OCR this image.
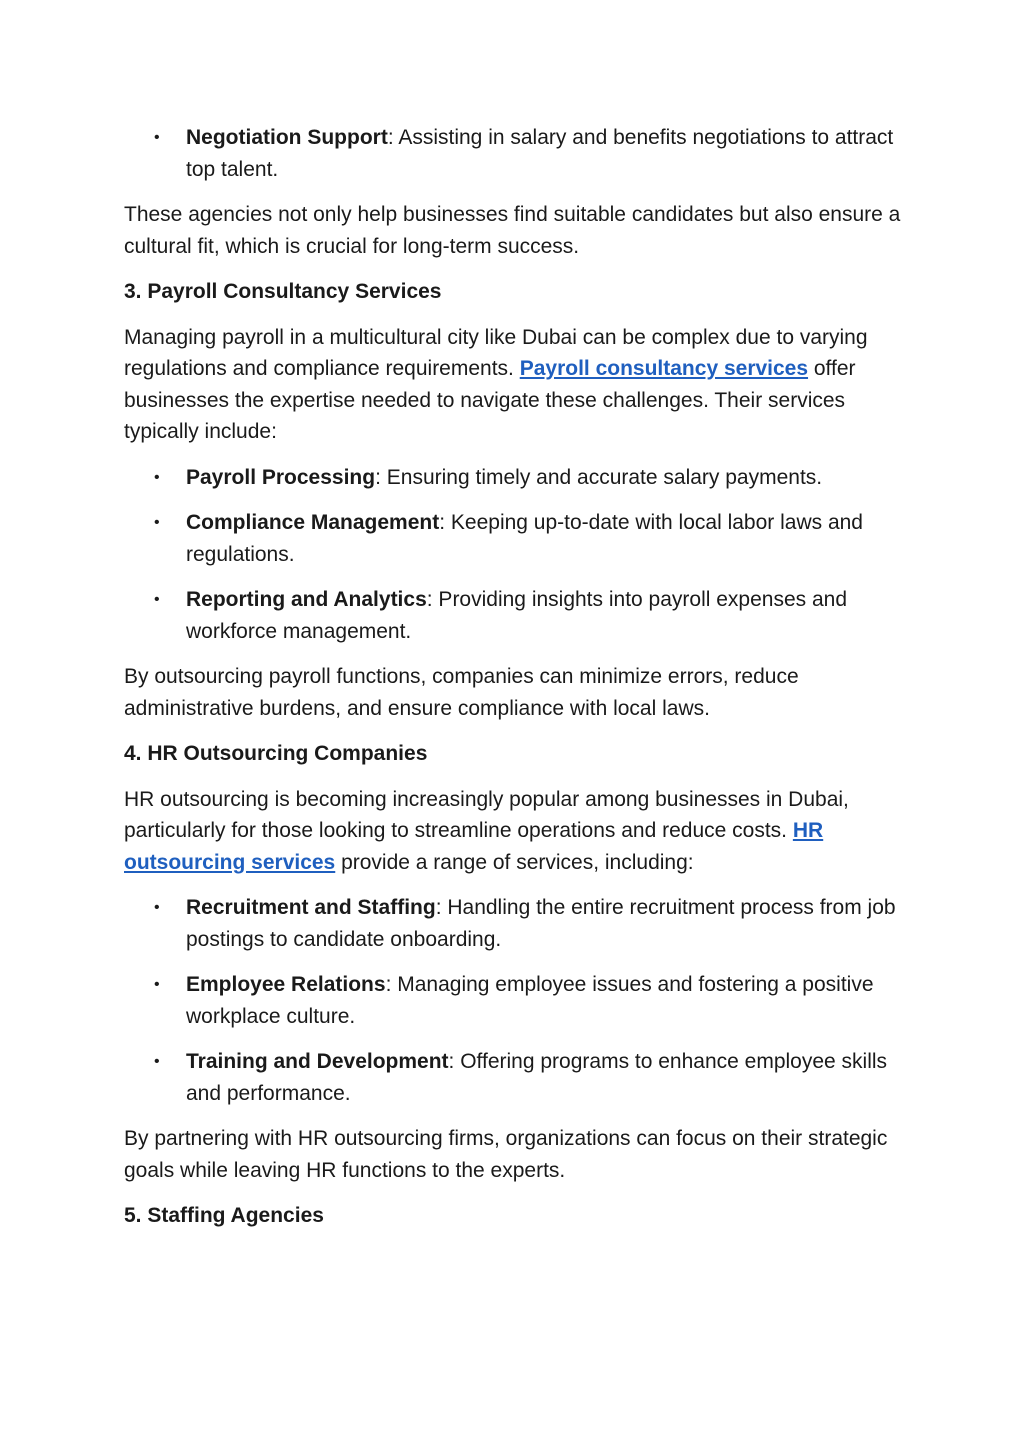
• Negotiation Support: Assisting in salary and benefits negotiations to attract top talent.

These agencies not only help businesses find suitable candidates but also ensure a cultural fit, which is crucial for long-term success.

3. Payroll Consultancy Services

Managing payroll in a multicultural city like Dubai can be complex due to varying regulations and compliance requirements. Payroll consultancy services offer businesses the expertise needed to navigate these challenges. Their services typically include:

• Payroll Processing: Ensuring timely and accurate salary payments.
• Compliance Management: Keeping up-to-date with local labor laws and regulations.
• Reporting and Analytics: Providing insights into payroll expenses and workforce management.

By outsourcing payroll functions, companies can minimize errors, reduce administrative burdens, and ensure compliance with local laws.

4. HR Outsourcing Companies

HR outsourcing is becoming increasingly popular among businesses in Dubai, particularly for those looking to streamline operations and reduce costs. HR outsourcing services provide a range of services, including:

• Recruitment and Staffing: Handling the entire recruitment process from job postings to candidate onboarding.
• Employee Relations: Managing employee issues and fostering a positive workplace culture.
• Training and Development: Offering programs to enhance employee skills and performance.

By partnering with HR outsourcing firms, organizations can focus on their strategic goals while leaving HR functions to the experts.

5. Staffing Agencies
